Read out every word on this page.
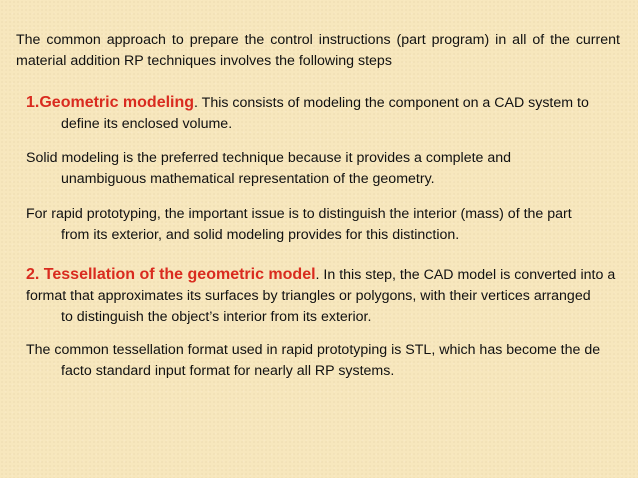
The common approach to prepare the control instructions (part program) in all of the current material addition RP techniques involves the following steps
1.Geometric modeling. This consists of modeling the component on a CAD system to
define its enclosed volume.
Solid modeling is the preferred technique because it provides a complete and
unambiguous mathematical representation of the geometry.
For rapid prototyping, the important issue is to distinguish the interior (mass) of the part
from its exterior, and solid modeling provides for this distinction.
2. Tessellation of the geometric model. In this step, the CAD model is converted into a
format that approximates its surfaces by triangles or polygons, with their vertices arranged
to distinguish the object’s interior from its exterior.
The common tessellation format used in rapid prototyping is STL, which has become the de
facto standard input format for nearly all RP systems.
